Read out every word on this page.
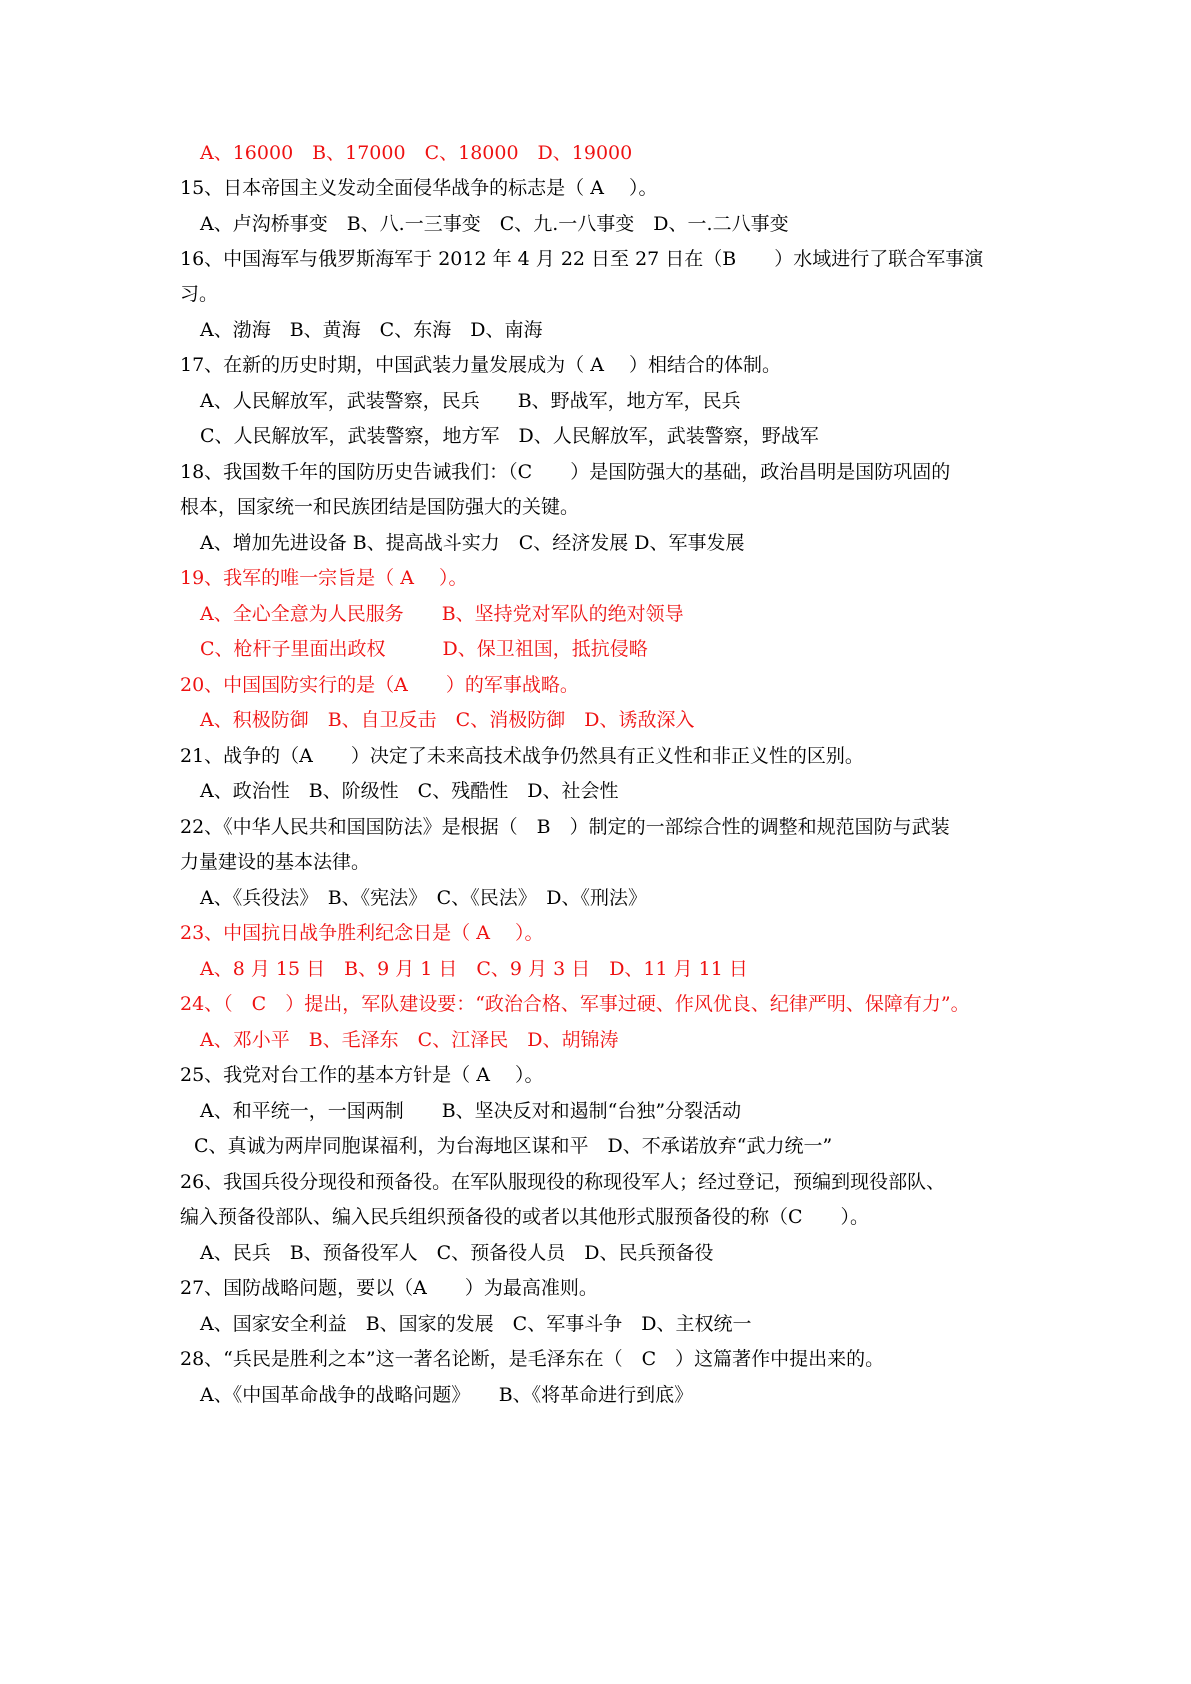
A、16000　B、17000　C、18000　D、19000
15、日本帝国主义发动全面侵华战争的标志是（ A　 ）。
A、卢沟桥事变　B、八.一三事变　C、九.一八事变　D、一.二八事变
16、中国海军与俄罗斯海军于 2012 年 4 月 22 日至 27 日在（B　　）水域进行了联合军事演
习。
A、渤海　B、黄海　C、东海　D、南海
17、在新的历史时期，中国武装力量发展成为（ A　 ）相结合的体制。
A、人民解放军，武装警察，民兵　　B、野战军，地方军，民兵
C、人民解放军，武装警察，地方军　D、人民解放军，武装警察，野战军
18、我国数千年的国防历史告诫我们：（C　　）是国防强大的基础，政治昌明是国防巩固的
根本，国家统一和民族团结是国防强大的关键。
A、增加先进设备 B、提高战斗实力　C、经济发展 D、军事发展
19、我军的唯一宗旨是（ A　 ）。
A、全心全意为人民服务　　B、坚持党对军队的绝对领导
C、枪杆子里面出政权　　　D、保卫祖国，抵抗侵略
20、中国国防实行的是（A　　）的军事战略。
A、积极防御　B、自卫反击　C、消极防御　D、诱敌深入
21、战争的（A　　）决定了未来高技术战争仍然具有正义性和非正义性的区别。
A、政治性　B、阶级性　C、残酷性　D、社会性
22、《中华人民共和国国防法》是根据（　B　）制定的一部综合性的调整和规范国防与武装
力量建设的基本法律。
A、《兵役法》　B、《宪法》　C、《民法》　D、《刑法》
23、中国抗日战争胜利纪念日是（ A　 ）。
A、8 月 15 日　B、9 月 1 日　C、9 月 3 日　D、11 月 11 日
24、（　C　）提出，军队建设要：“政治合格、军事过硬、作风优良、纪律严明、保障有力”。
A、邓小平　B、毛泽东　C、江泽民　D、胡锦涛
25、我党对台工作的基本方针是（ A　 ）。
A、和平统一，一国两制　　B、坚决反对和遏制“台独”分裂活动
C、真诚为两岸同胞谋福利，为台海地区谋和平　D、不承诺放弃“武力统一”
26、我国兵役分现役和预备役。在军队服现役的称现役军人；经过登记，预编到现役部队、
编入预备役部队、编入民兵组织预备役的或者以其他形式服预备役的称（C　　）。
A、民兵　B、预备役军人　C、预备役人员　D、民兵预备役
27、国防战略问题，要以（A　　）为最高准则。
A、国家安全利益　B、国家的发展　C、军事斗争　D、主权统一
28、“兵民是胜利之本”这一著名论断，是毛泽东在（　C　）这篇著作中提出来的。
A、《中国革命战争的战略问题》　　B、《将革命进行到底》
